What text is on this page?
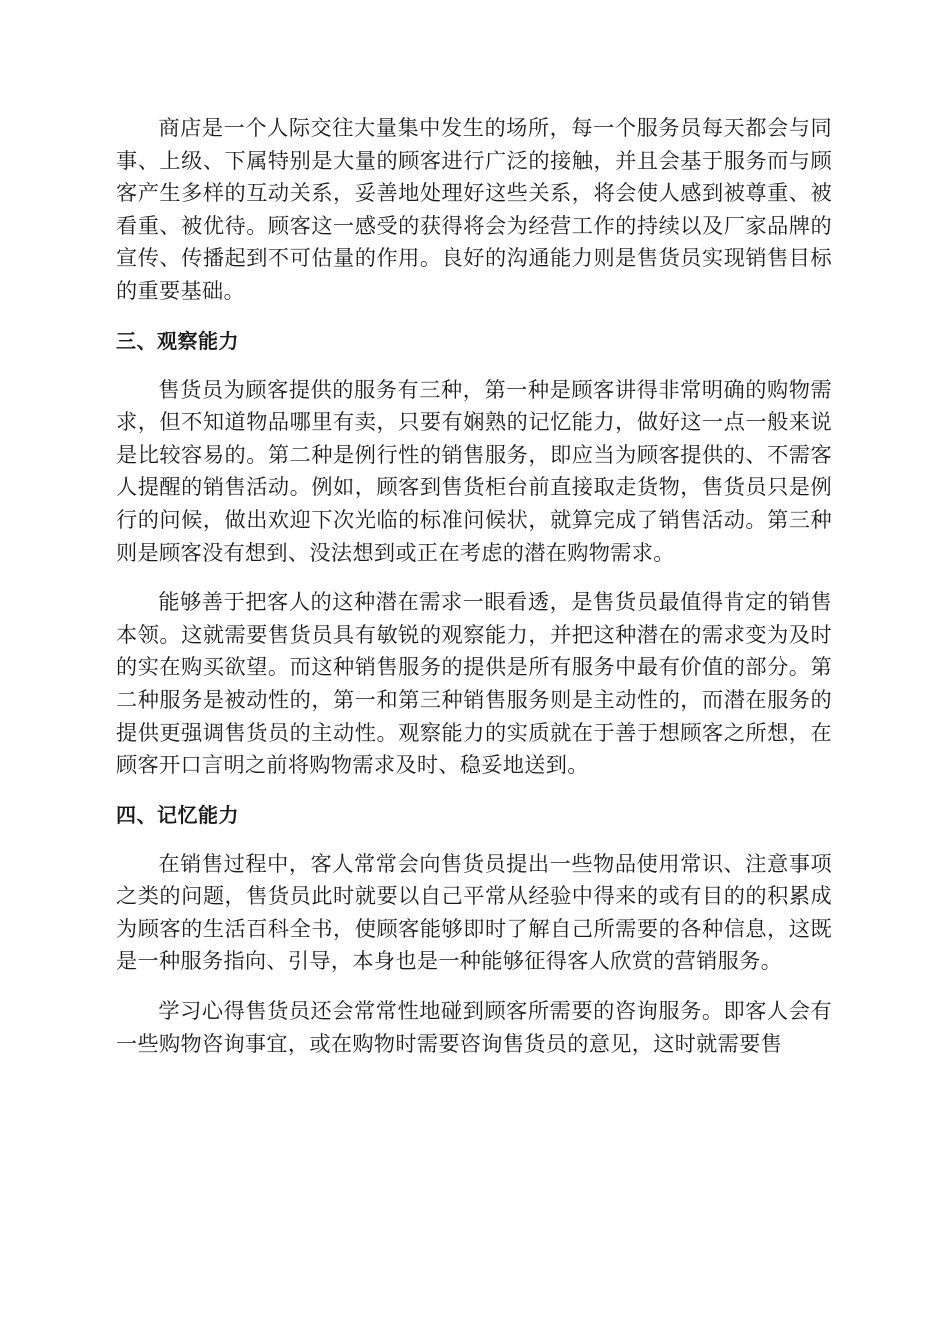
商店是一个人际交往大量集中发生的场所，每一个服务员每天都会与同事、上级、下属特别是大量的顾客进行广泛的接触，并且会基于服务而与顾客产生多样的互动关系，妥善地处理好这些关系，将会使人感到被尊重、被看重、被优待。顾客这一感受的获得将会为经营工作的持续以及厂家品牌的宣传、传播起到不可估量的作用。良好的沟通能力则是售货员实现销售目标的重要基础。

三、观察能力

售货员为顾客提供的服务有三种，第一种是顾客讲得非常明确的购物需求，但不知道物品哪里有卖，只要有娴熟的记忆能力，做好这一点一般来说是比较容易的。第二种是例行性的销售服务，即应当为顾客提供的、不需客人提醒的销售活动。例如，顾客到售货柜台前直接取走货物，售货员只是例行的问候，做出欢迎下次光临的标准问候状，就算完成了销售活动。第三种则是顾客没有想到、没法想到或正在考虑的潜在购物需求。

能够善于把客人的这种潜在需求一眼看透，是售货员最值得肯定的销售本领。这就需要售货员具有敏锐的观察能力，并把这种潜在的需求变为及时的实在购买欲望。而这种销售服务的提供是所有服务中最有价值的部分。第二种服务是被动性的，第一和第三种销售服务则是主动性的，而潜在服务的提供更强调售货员的主动性。观察能力的实质就在于善于想顾客之所想，在顾客开口言明之前将购物需求及时、稳妥地送到。

四、记忆能力

在销售过程中，客人常常会向售货员提出一些物品使用常识、注意事项之类的问题，售货员此时就要以自己平常从经验中得来的或有目的的积累成为顾客的生活百科全书，使顾客能够即时了解自己所需要的各种信息，这既是一种服务指向、引导，本身也是一种能够征得客人欣赏的营销服务。

学习心得售货员还会常常性地碰到顾客所需要的咨询服务。即客人会有一些购物咨询事宜，或在购物时需要咨询售货员的意见，这时就需要售
